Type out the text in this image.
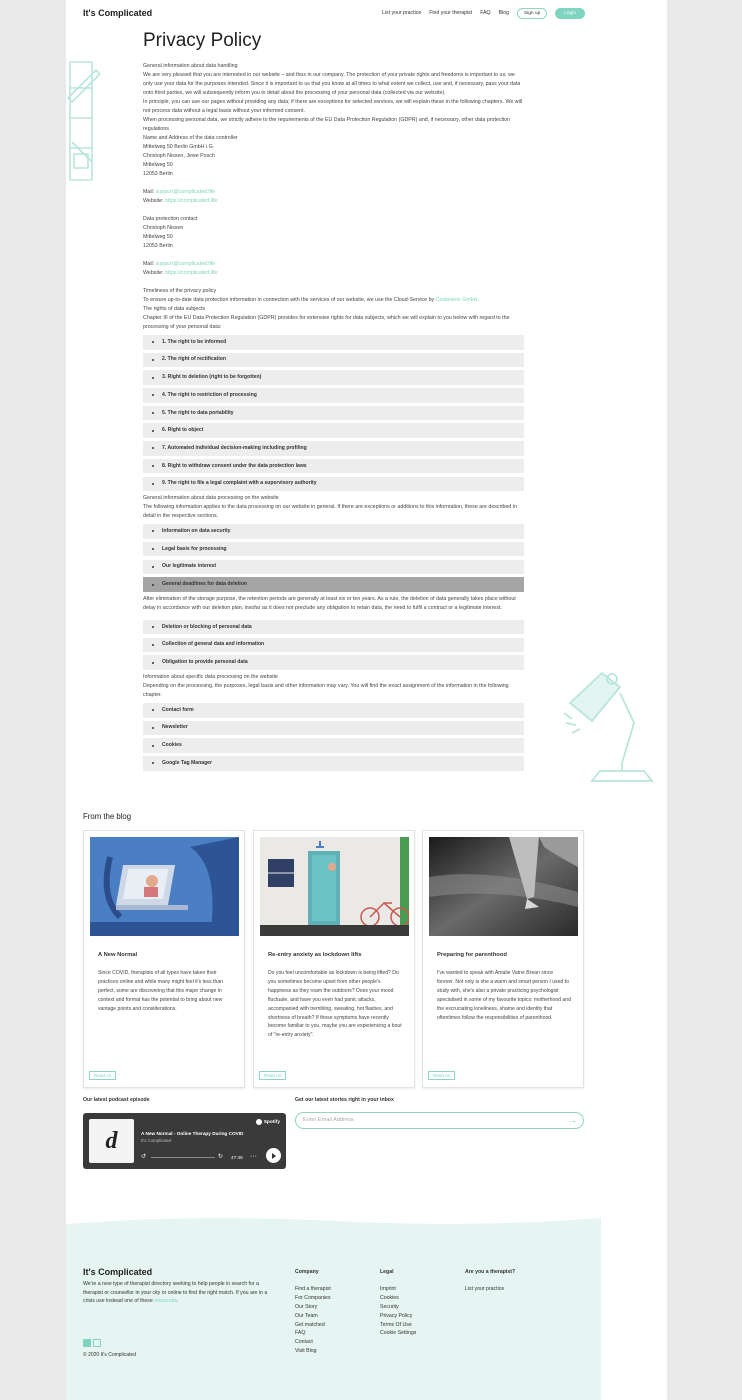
It's Complicated	List your practice Find your therapist FAQ Blog	Sign up	Login
Privacy Policy

General information about data handling

We are very pleased that you are interested in our website – and thus in our company. The protection of your private rights and freedoms is important to us; we only use your data for the purposes intended. Since it is important to us that you know at all times to what extent we collect, use and, if necessary, pass your data onto third parties, we will subsequently inform you in detail about the processing of your personal data (collected via our website).

In principle, you can use our pages without providing any data; if there are exceptions for selected services, we will explain these in the following chapters. We will not process data without a legal basis without your informed consent.

When processing personal data, we strictly adhere to the requirements of the EU Data Protection Regulation (GDPR) and, if necessary, other data protection regulations.

Name and Address of the data controller

Mittelweg 50 Berlin GmbH i.G.

Christoph Nissen, Jewe Posch

Mittelweg 50

12053 Berlin

Mail: support@complicated.life

Website: https://complicated.life

Data protection contact

Christoph Nissen

Mittelweg 50

12053 Berlin

Mail: support@complicated.life

Website: https://complicated.life

Timeliness of the privacy policy

To ensure up-to-date data protection information in connection with the services of our website, we use the Cloud-Service by Cookiebox GmbH.

The rights of data subjects

Chapter III of the EU Data Protection Regulation (GDPR) provides for extensive rights for data subjects, which we will explain to you below with regard to the processing of your personal data:

1. The right to be informed
2. The right of rectification
3. Right to deletion (right to be forgotten)
4. The right to restriction of processing
5. The right to data portability
6. Right to object
7. Automated individual decision-making including profiling
8. Right to withdraw consent under the data protection laws
9. The right to file a legal complaint with a supervisory authority

General information about data processing on the website

The following information applies to the data processing on our website in general. If there are exceptions or additions to this information, these are described in detail in the respective sections.

Information on data security
Legal basis for processing
Our legitimate interest
General deadlines for data deletion

After elimination of the storage purpose, the retention periods are generally at least six or ten years. As a rule, the deletion of data generally takes place without delay in accordance with our deletion plan, insofar as it does not preclude any obligation to retain data, the need to fulfil a contract or a legitimate interest.

Deletion or blocking of personal data
Collection of general data and information
Obligation to provide personal data

Information about specific data processing on the website

Depending on the processing, the purposes, legal basis and other information may vary. You will find the exact assignment of the information in the following chapter.

Contact form
Newsletter
Cookies
Google Tag Manager
From the blog
A New Normal
Since COVID, therapists of all types have taken their practices online and while many might feel it's less than perfect, some are discovering that this major change in context and format has the potential to bring about new vantage points and considerations.
Read on
Re-entry anxiety as lockdown lifts
Do you feel uncomfortable as lockdown is being lifted? Do you sometimes become upset from other people's happiness as they roam the outdoors? Does your mood fluctuate, and have you even had panic attacks, accompanied with trembling, sweating, hot flashes, and shortness of breath? If these symptoms have recently become familiar to you, maybe you are experiencing a bout of "re-entry anxiety".
Read on
Preparing for parenthood
I've wanted to speak with Amalie Vatne Brean since forever. Not only is she a warm and smart person I used to study with, she's also a private practicing psychologist specialised in some of my favourite topics: motherhood and the excruciating loneliness, shame and identity that oftentimes follow the responsibilities of parenthood.
Read on
Our latest podcast episode	Get our latest stories right in your inbox
d	A New Normal - Online Therapy During COVID
It's Complicated
Spotify
↺	↻ 47:46 ···
Enter Email Address	→
It's Complicated
We're a new type of therapist directory seeking to help people in search for a therapist or counsellor in your city or online to find the right match. If you are in a crisis use instead one of these resources.
© 2020 It's Complicated
Company
Find a therapist
For Companies
Our Story
Our Team
Get matched
FAQ
Contact
Visit Blog
Legal
Imprint
Cookies
Security
Privacy Policy
Terms Of Use
Cookie Settings
Are you a therapist?
List your practice
